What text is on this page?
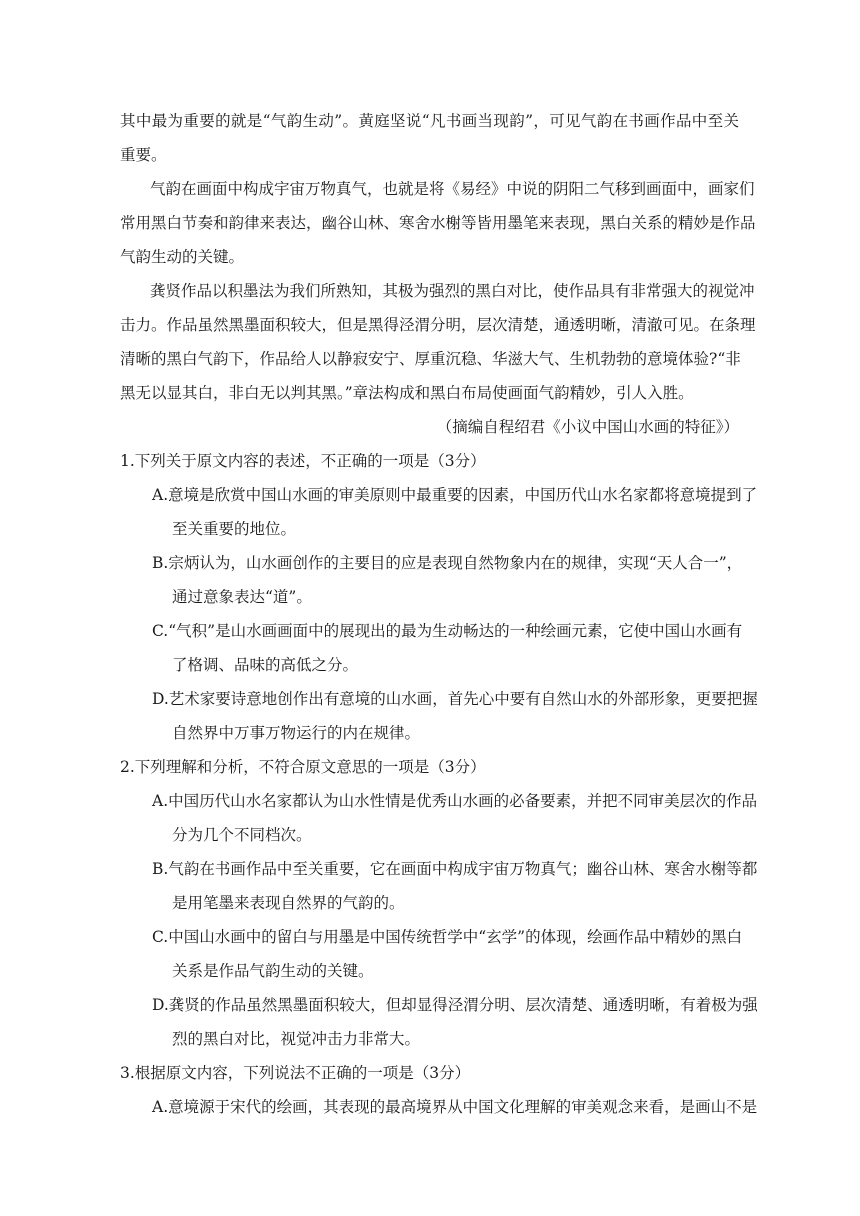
其中最为重要的就是“气韵生动”。黄庭坚说“凡书画当现韵”，可见气韵在书画作品中至关
重要。
气韵在画面中构成宇宙万物真气，也就是将《易经》中说的阴阳二气移到画面中，画家们
常用黑白节奏和韵律来表达，幽谷山林、寒舍水榭等皆用墨笔来表现，黑白关系的精妙是作品
气韵生动的关键。
龚贤作品以积墨法为我们所熟知，其极为强烈的黑白对比，使作品具有非常强大的视觉冲
击力。作品虽然黑墨面积较大，但是黑得泾渭分明，层次清楚，通透明晰，清澈可见。在条理
清晰的黑白气韵下，作品给人以静寂安宁、厚重沉稳、华滋大气、生机勃勃的意境体验?“非
黑无以显其白，非白无以判其黑。”章法构成和黑白布局使画面气韵精妙，引人入胜。
（摘编自程绍君《小议中国山水画的特征》）
1.下列关于原文内容的表述，不正确的一项是（3分）
A.意境是欣赏中国山水画的审美原则中最重要的因素，中国历代山水名家都将意境提到了
至关重要的地位。
B.宗炳认为，山水画创作的主要目的应是表现自然物象内在的规律，实现“天人合一”，
通过意象表达“道”。
C.“气积”是山水画画面中的展现出的最为生动畅达的一种绘画元素，它使中国山水画有
了格调、品味的高低之分。
D.艺术家要诗意地创作出有意境的山水画，首先心中要有自然山水的外部形象，更要把握
自然界中万事万物运行的内在规律。
2.下列理解和分析，不符合原文意思的一项是（3分）
A.中国历代山水名家都认为山水性情是优秀山水画的必备要素，并把不同审美层次的作品
分为几个不同档次。
B.气韵在书画作品中至关重要，它在画面中构成宇宙万物真气；幽谷山林、寒舍水榭等都
是用笔墨来表现自然界的气韵的。
C.中国山水画中的留白与用墨是中国传统哲学中“玄学”的体现，绘画作品中精妙的黑白
关系是作品气韵生动的关键。
D.龚贤的作品虽然黑墨面积较大，但却显得泾渭分明、层次清楚、通透明晰，有着极为强
烈的黑白对比，视觉冲击力非常大。
3.根据原文内容，下列说法不正确的一项是（3分）
A.意境源于宋代的绘画，其表现的最高境界从中国文化理解的审美观念来看，是画山不是
